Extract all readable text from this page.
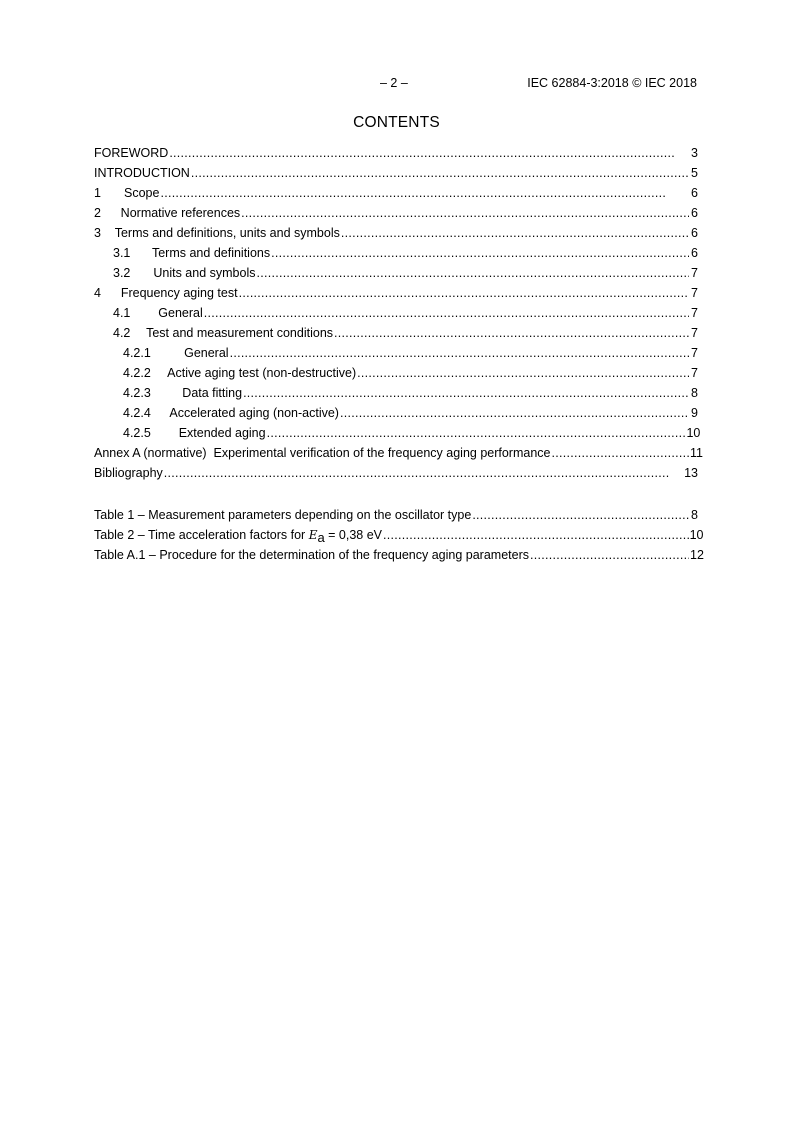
– 2 –	IEC 62884-3:2018 © IEC 2018
CONTENTS
FOREWORD . . .	3
INTRODUCTION . . .	5
1	Scope . . .	6
2	Normative references . . .	6
3	Terms and definitions, units and symbols . . .	6
3.1	Terms and definitions . . .	6
3.2	Units and symbols . . .	7
4	Frequency aging test . . .	7
4.1	General . . .	7
4.2	Test and measurement conditions . . .	7
4.2.1	General . . .	7
4.2.2	Active aging test (non-destructive) . . .	7
4.2.3	Data fitting . . .	8
4.2.4	Accelerated aging (non-active) . . .	9
4.2.5	Extended aging . . .	10
Annex A (normative)  Experimental verification of the frequency aging performance . . .	11
Bibliography . . .	13
Table 1 – Measurement parameters depending on the oscillator type . . .	8
Table 2 – Time acceleration factors for E a = 0,38 eV . . .	10
Table A.1 – Procedure for the determination of the frequency aging parameters . . .	12
